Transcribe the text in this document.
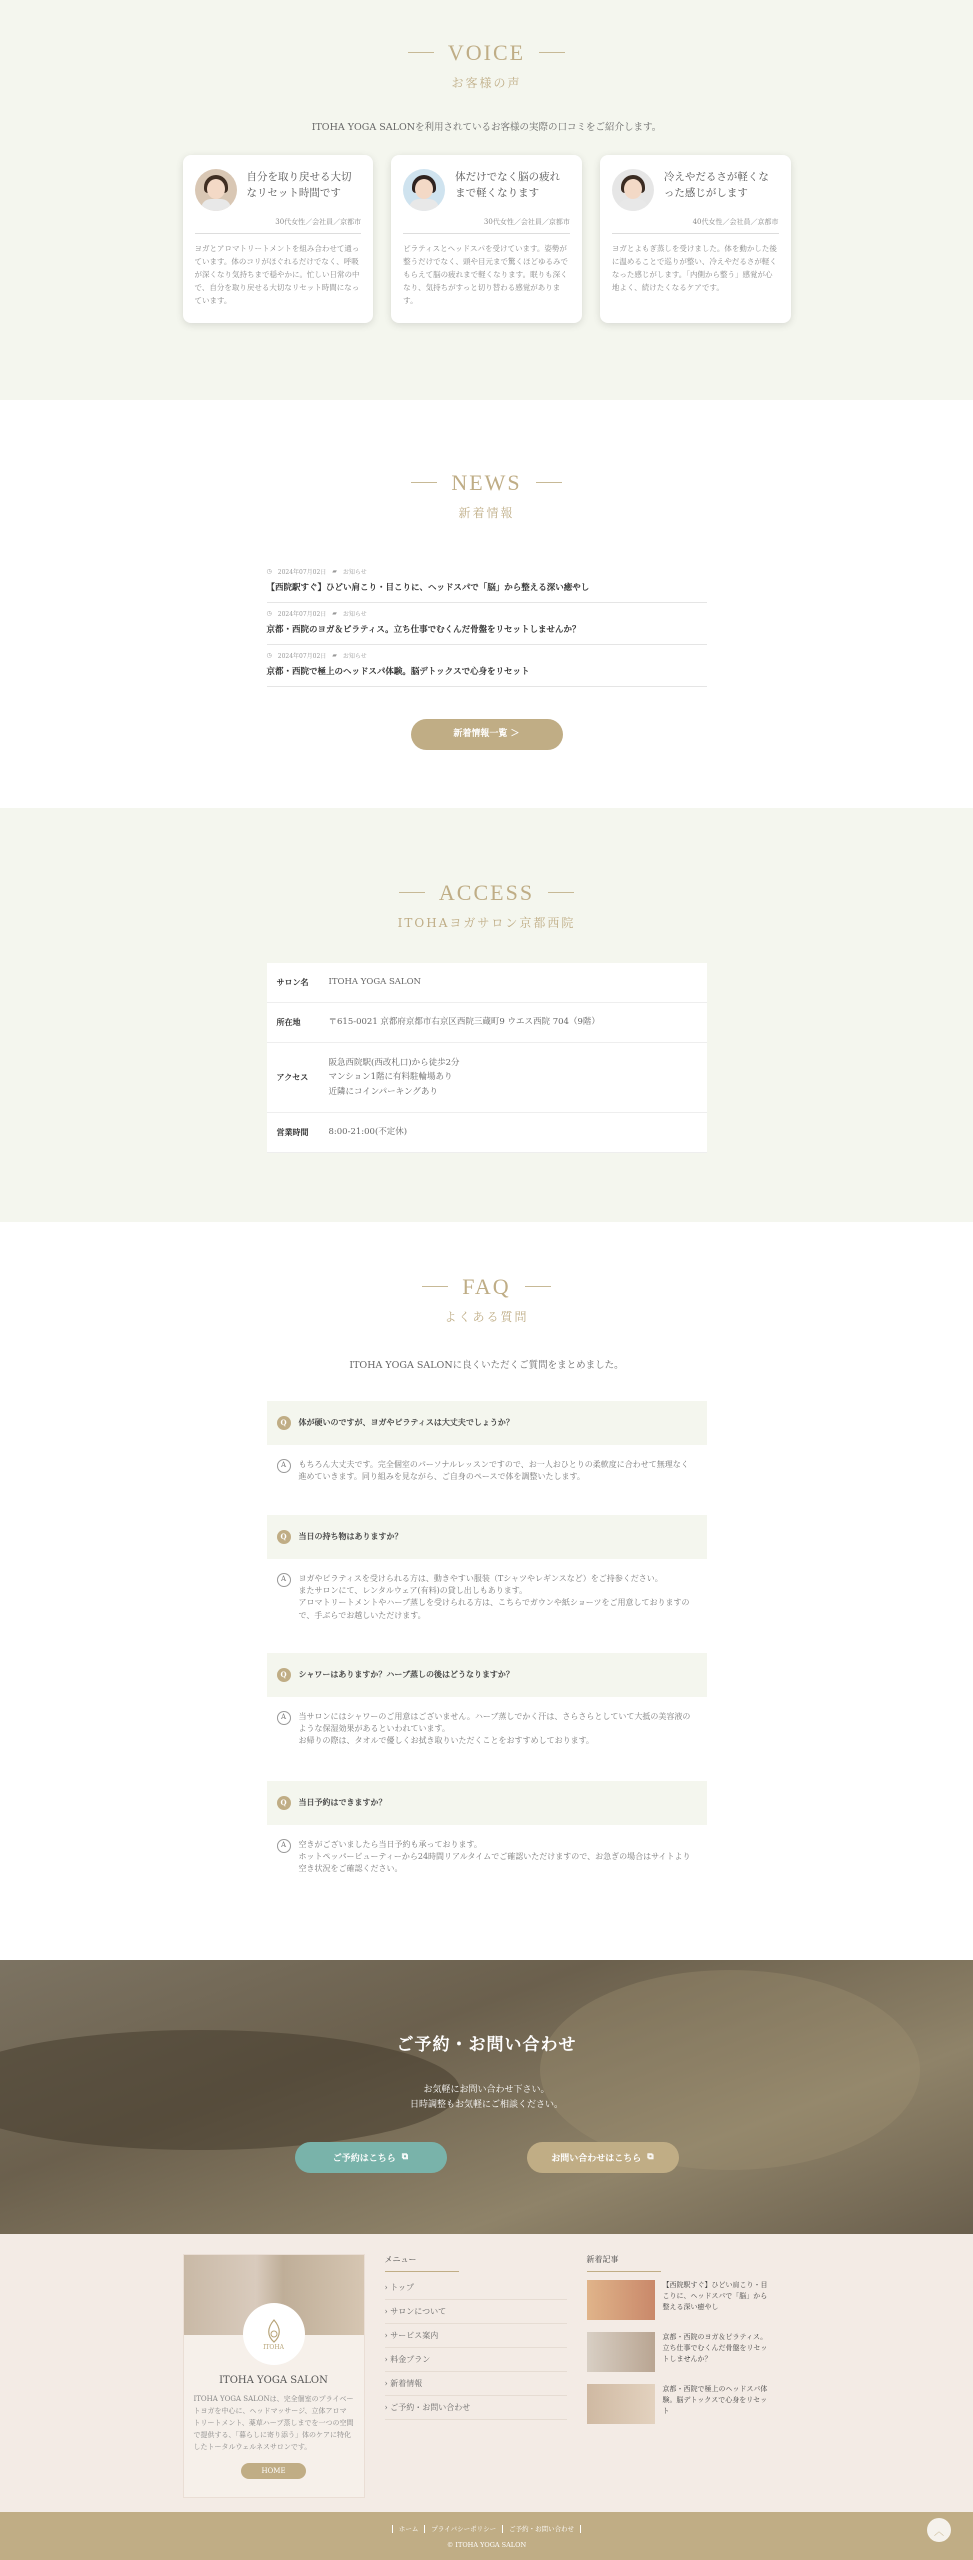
VOICE
お客様の声

ITOHA YOGA SALONを利用されているお客様の実際の口コミをご紹介します。

自分を取り戻せる大切なリセット時間です
30代女性／会社員／京都市
ヨガとアロマトリートメントを組み合わせて通っています。体のコリがほぐれるだけでなく、呼吸が深くなり気持ちまで穏やかに。忙しい日常の中で、自分を取り戻せる大切なリセット時間になっています。
体だけでなく脳の疲れまで軽くなります
30代女性／会社員／京都市
ピラティスとヘッドスパを受けています。姿勢が整うだけでなく、頭や目元まで驚くほどゆるみでもらえて脳の疲れまで軽くなります。眠りも深くなり、気持ちがすっと切り替わる感覚があります。
冷えやだるさが軽くなった感じがします
40代女性／会社員／京都市
ヨガとよもぎ蒸しを受けました。体を動かした後に温めることで巡りが整い、冷えやだるさが軽くなった感じがします。「内側から整う」感覚が心地よく、続けたくなるケアです。
NEWS
新着情報
◷ 2024年07月02日 ▰ お知らせ
【西院駅すぐ】ひどい肩こり・目こりに、ヘッドスパで「脳」から整える深い癒やし
◷ 2024年07月02日 ▰ お知らせ
京都・西院のヨガ＆ピラティス。立ち仕事でむくんだ骨盤をリセットしませんか？
◷ 2024年07月02日 ▰ お知らせ
京都・西院で極上のヘッドスパ体験。脳デトックスで心身をリセット
新着情報一覧 ＞
ACCESS
ITOHAヨガサロン京都西院
サロン名	ITOHA YOGA SALON
所在地	〒615-0021 京都府京都市右京区西院三蔵町9 ウエス西院 704（9階）
アクセス	阪急西院駅(西改札口)から徒歩2分
マンション1階に有料駐輪場あり
近隣にコインパーキングあり
営業時間	8:00-21:00(不定休)
FAQ
よくある質問

ITOHA YOGA SALONに良くいただくご質問をまとめました。

Q	体が硬いのですが、ヨガやピラティスは大丈夫でしょうか？
A	もちろん大丈夫です。完全個室のパーソナルレッスンですので、お一人おひとりの柔軟度に合わせて無理なく進めていきます。同り組みを見ながら、ご自身のペースで体を調整いたします。
Q	当日の持ち物はありますか？
A	ヨガやピラティスを受けられる方は、動きやすい服装（Tシャツやレギンスなど）をご持参ください。
またサロンにて、レンタルウェア(有料)の貸し出しもあります。
アロマトリートメントやハーブ蒸しを受けられる方は、こちらでガウンや紙ショーツをご用意しておりますので、手ぶらでお越しいただけます。
Q	シャワーはありますか？ハーブ蒸しの後はどうなりますか？
A	当サロンにはシャワーのご用意はございません。ハーブ蒸しでかく汗は、さらさらとしていて大抵の美容液のような保湿効果があるといわれています。
お帰りの際は、タオルで優しくお拭き取りいただくことをおすすめしております。
Q	当日予約はできますか？
A	空きがございましたら当日予約も承っております。
ホットペッパービューティーから24時間リアルタイムでご確認いただけますので、お急ぎの場合はサイトより空き状況をご確認ください。
ご予約・お問い合わせ

お気軽にお問い合わせ下さい。
日時調整もお気軽にご相談ください。

ご予約はこちら ⧉	お問い合わせはこちら ⧉
ITOHA
ITOHA YOGA SALON
ITOHA YOGA SALONは、完全個室のプライベートヨガを中心に、ヘッドマッサージ、立体アロマトリートメント、薬草ハーブ蒸しまでを一つの空間で提供する、「暮らしに寄り添う」体のケアに特化したトータルウェルネスサロンです。
HOME
メニュー
› トップ
› サロンについて
› サービス案内
› 料金プラン
› 新着情報
› ご予約・お問い合わせ
新着記事
【西院駅すぐ】ひどい肩こり・目こりに、ヘッドスパで「脳」から整える深い癒やし
京都・西院のヨガ＆ピラティス。立ち仕事でむくんだ骨盤をリセットしませんか？
京都・西院で極上のヘッドスパ体験。脳デトックスで心身をリセット
ホーム プライバシーポリシー ご予約・お問い合わせ
© ITOHA YOGA SALON
︿
